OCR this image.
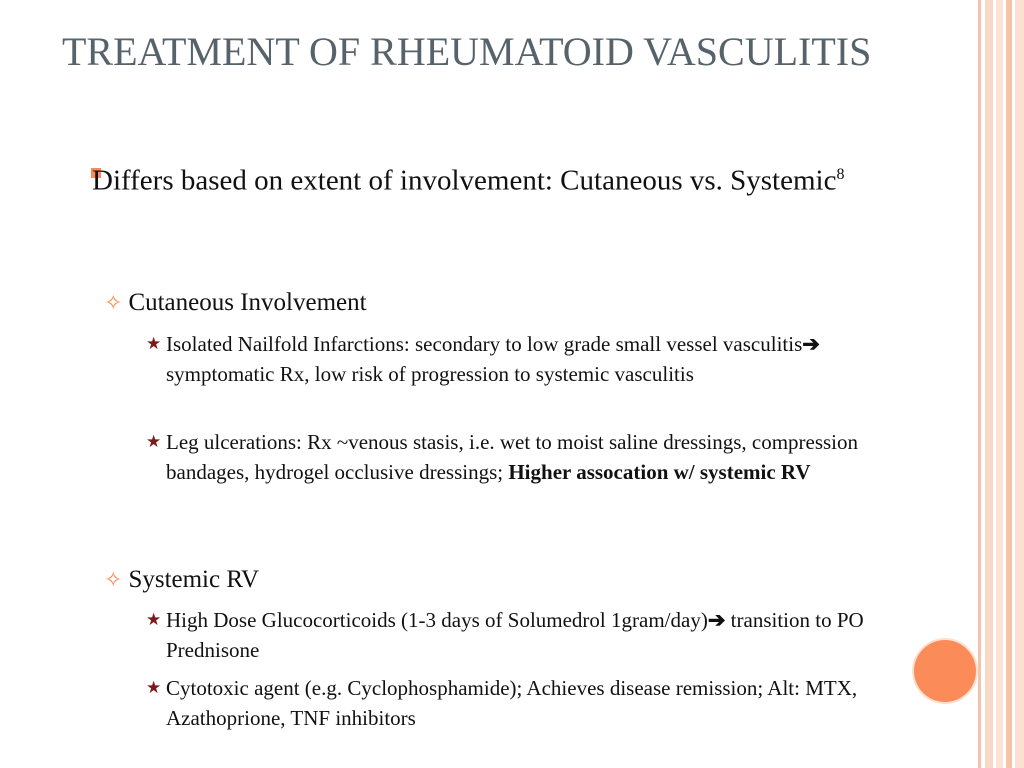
TREATMENT OF RHEUMATOID VASCULITIS
Differs based on extent of involvement: Cutaneous vs. Systemic$^8$
✧ Cutaneous Involvement
★ Isolated Nailfold Infarctions: secondary to low grade small vessel vasculitis➔ symptomatic Rx, low risk of progression to systemic vasculitis
★ Leg ulcerations: Rx ~venous stasis, i.e. wet to moist saline dressings, compression bandages, hydrogel occlusive dressings; Higher assocation w/ systemic RV
✧ Systemic RV
★ High Dose Glucocorticoids (1-3 days of Solumedrol 1gram/day)➔ transition to PO Prednisone
★ Cytotoxic agent (e.g. Cyclophosphamide); Achieves disease remission; Alt: MTX, Azathoprione, TNF inhibitors
